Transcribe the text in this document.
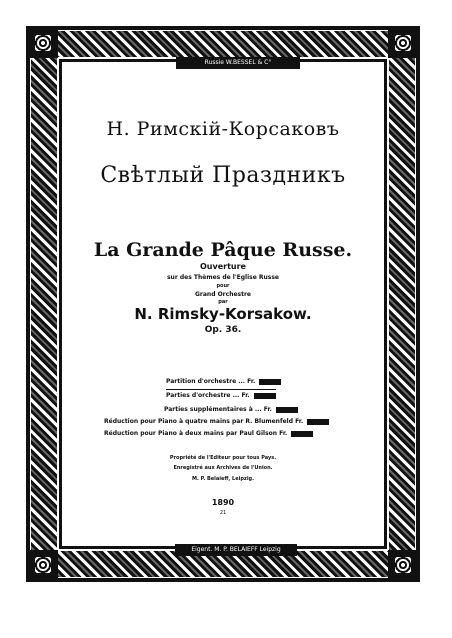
Russie W.BESSEL & C°
Н. Римскій-Корсаковъ
Свѣтлый Праздникъ
La Grande Pâque Russe.
Ouverture
sur des Thèmes de l'Eglise Russe
pour
Grand Orchestre
par
N. Rimsky-Korsakow.
Op. 36.
Partition d'orchestre ... Fr.
Parties d'orchestre ... Fr.
Parties supplémentaires à ... Fr.
Réduction pour Piano à quatre mains par R. Blumenfeld Fr.
Réduction pour Piano à deux mains par Paul Gilson Fr.
Propriété de l'Editeur pour tous Pays.
Enregistré aux Archives de l'Union.
M. P. Belaieff, Leipzig.
1890
21
Eigent. M. P. BELAIEFF Leipzig
